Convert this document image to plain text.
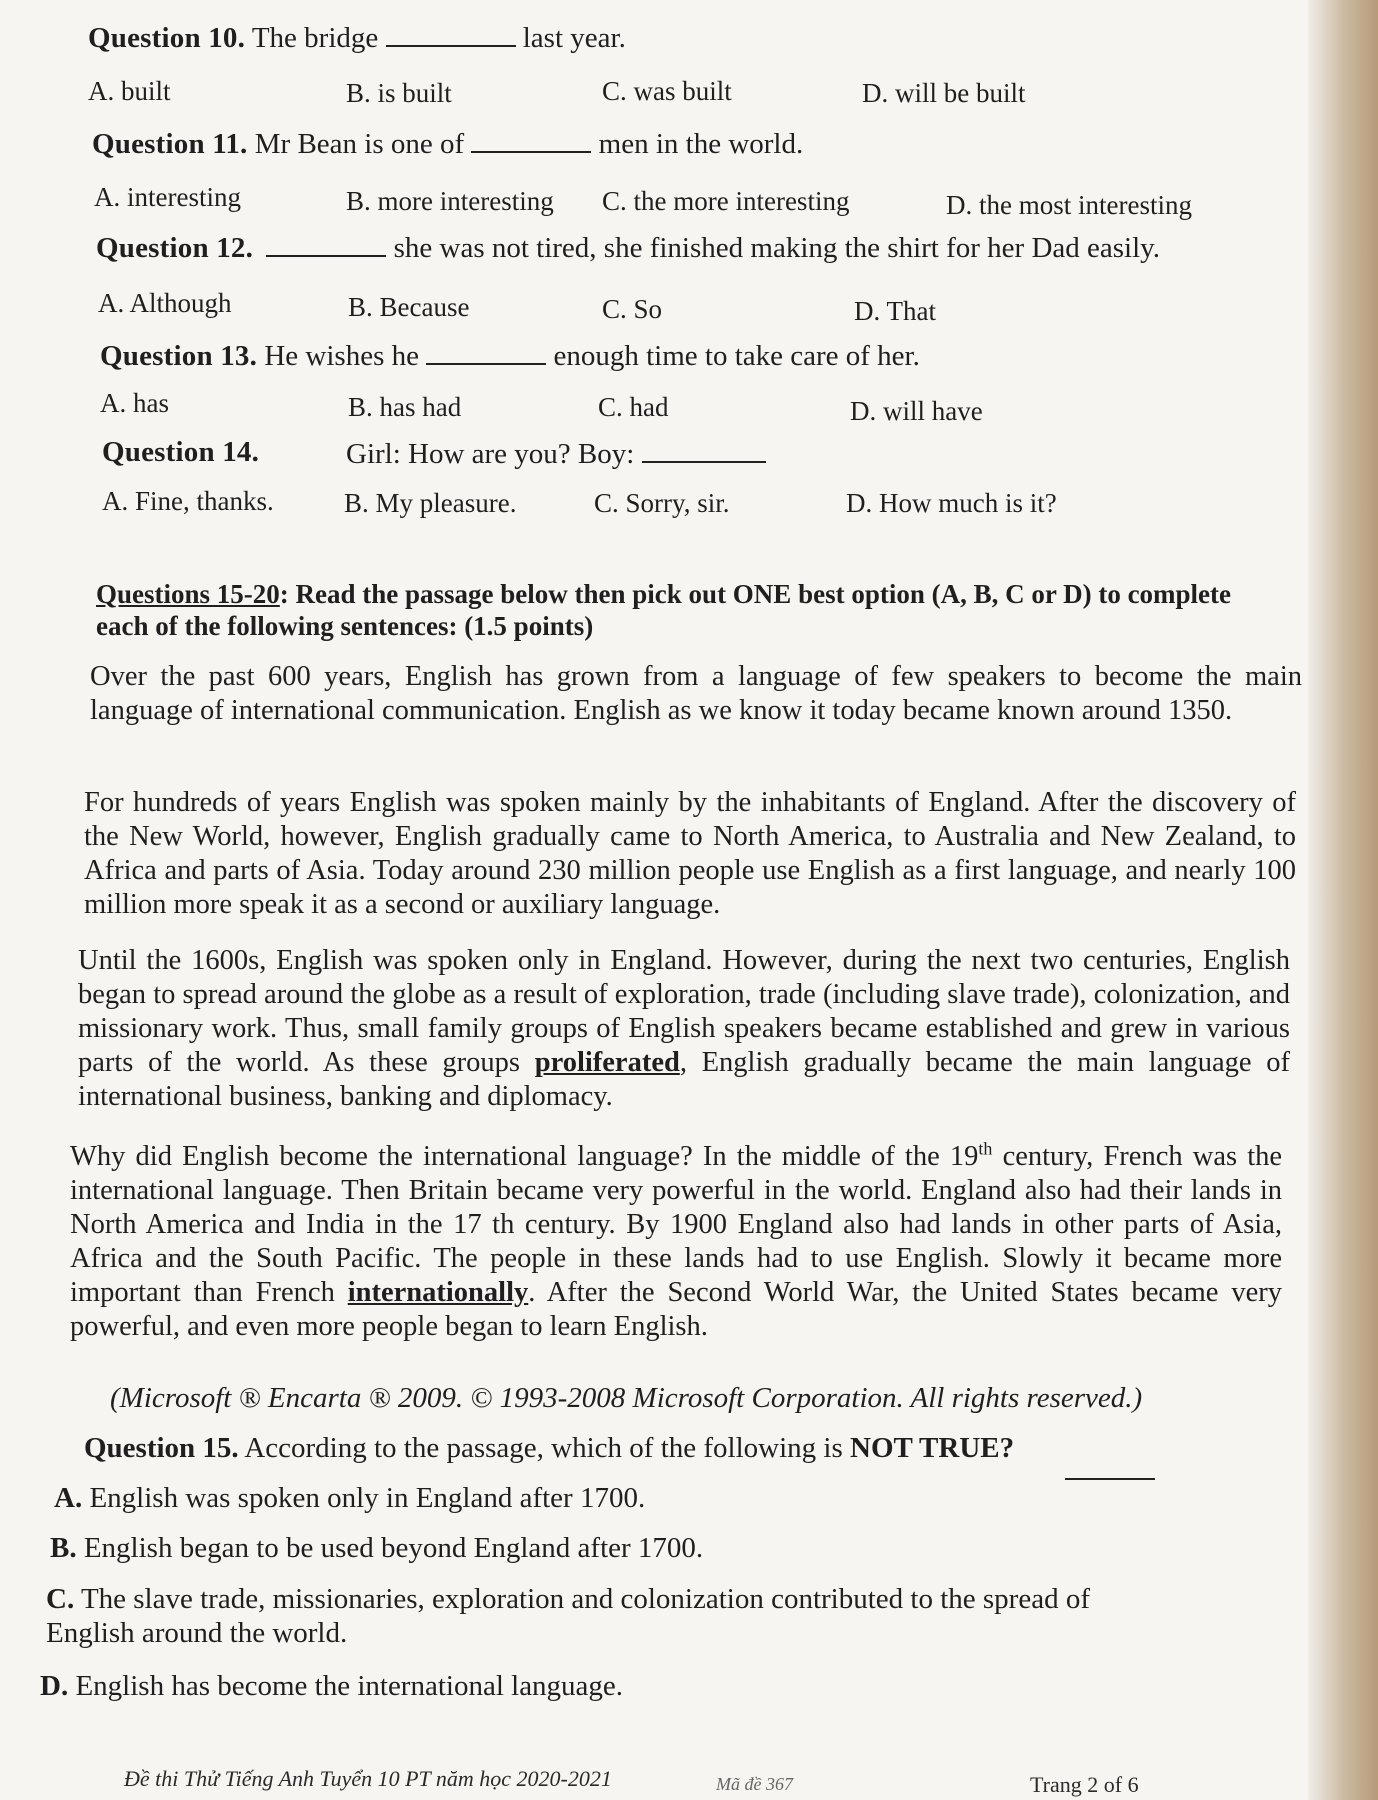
Question 10. The bridge	last year.
A. built	B. is built	C. was built	D. will be built
Question 11. Mr Bean is one of	men in the world.
A. interesting	B. more interesting C. the more interesting	D. the most interesting
Question 12.	she was not tired, she finished making the shirt for her Dad easily.
A. Although	B. Because	C. So	D. That
Question 13. He wishes he	enough time to take care of her.
A. has	B. has had	C. had	D. will have
Question 14.	Girl: How are you? Boy:
A. Fine, thanks.	B. My pleasure.	C. Sorry, sir.	D. How much is it?
Questions 15-20: Read the passage below then pick out ONE best option (A, B, C or D) to complete each of the following sentences: (1.5 points)
Over the past 600 years, English has grown from a language of few speakers to become the main language of international communication. English as we know it today became known around 1350.
For hundreds of years English was spoken mainly by the inhabitants of England. After the discovery of the New World, however, English gradually came to North America, to Australia and New Zealand, to Africa and parts of Asia. Today around 230 million people use English as a first language, and nearly 100 million more speak it as a second or auxiliary language.
Until the 1600s, English was spoken only in England. However, during the next two centuries, English began to spread around the globe as a result of exploration, trade (including slave trade), colonization, and missionary work. Thus, small family groups of English speakers became established and grew in various parts of the world. As these groups proliferated, English gradually became the main language of international business, banking and diplomacy.
Why did English become the international language? In the middle of the 19th century, French was the international language. Then Britain became very powerful in the world. England also had their lands in North America and India in the 17 th century. By 1900 England also had lands in other parts of Asia, Africa and the South Pacific. The people in these lands had to use English. Slowly it became more important than French internationally. After the Second World War, the United States became very powerful, and even more people began to learn English.
(Microsoft ® Encarta ® 2009. © 1993-2008 Microsoft Corporation. All rights reserved.)
Question 15. According to the passage, which of the following is NOT TRUE?
A. English was spoken only in England after 1700.
B. English began to be used beyond England after 1700.
C. The slave trade, missionaries, exploration and colonization contributed to the spread of English around the world.
D. English has become the international language.
Đề thi Thử Tiếng Anh Tuyển 10 PT năm học 2020-2021	Mã đề 367	Trang 2 of 6
